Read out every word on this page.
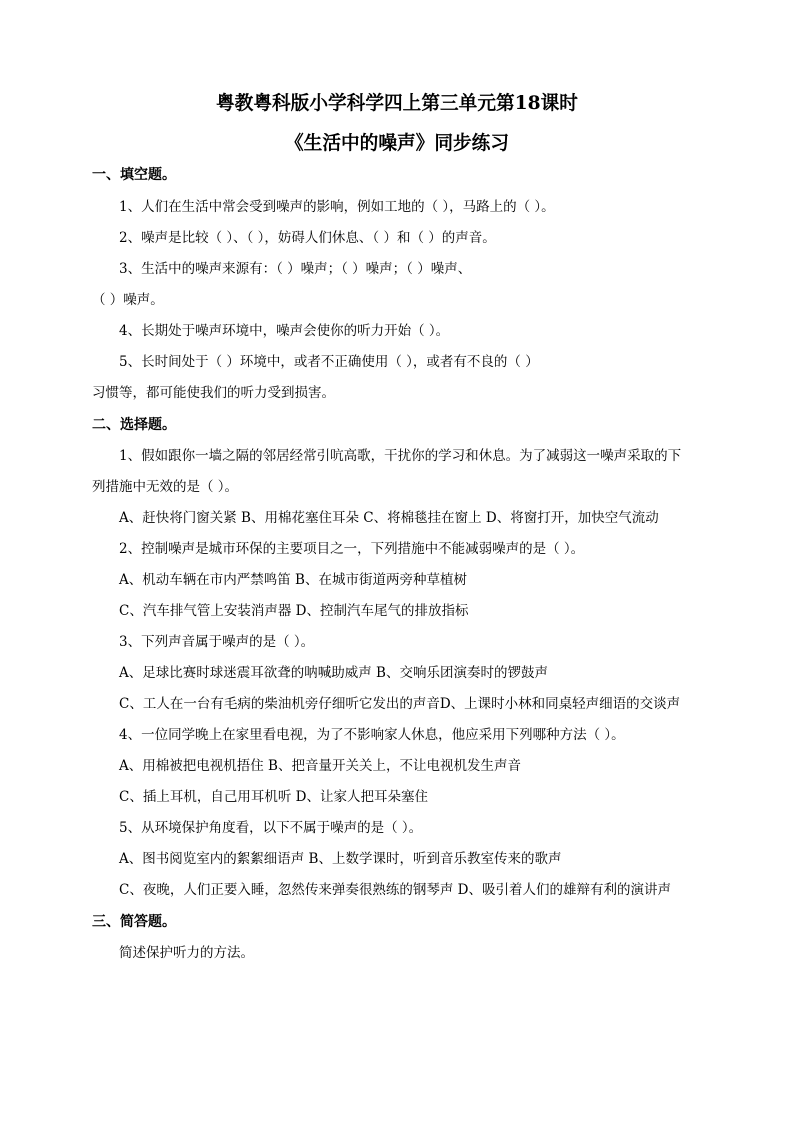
粤教粤科版小学科学四上第三单元第18课时
《生活中的噪声》同步练习
一、填空题。
1、人们在生活中常会受到噪声的影响，例如工地的（ ），马路上的（ ）。
2、噪声是比较（ ）、（ ），妨碍人们休息、（ ）和（ ）的声音。
3、生活中的噪声来源有：（ ）噪声；（ ）噪声；（ ）噪声、
（ ）噪声。
4、长期处于噪声环境中，噪声会使你的听力开始（ ）。
5、长时间处于（ ）环境中，或者不正确使用（ ），或者有不良的（ ）
习惯等，都可能使我们的听力受到损害。
二、选择题。
1、假如跟你一墙之隔的邻居经常引吭高歌，干扰你的学习和休息。为了减弱这一噪声采取的下
列措施中无效的是（ ）。
A、赶快将门窗关紧 B、用棉花塞住耳朵 C、将棉毯挂在窗上 D、将窗打开，加快空气流动
2、控制噪声是城市环保的主要项目之一，下列措施中不能减弱噪声的是（ ）。
A、机动车辆在市内严禁鸣笛 B、在城市街道两旁种草植树
C、汽车排气管上安装消声器 D、控制汽车尾气的排放指标
3、下列声音属于噪声的是（ ）。
A、足球比赛时球迷震耳欲聋的呐喊助威声 B、交响乐团演奏时的锣鼓声
C、工人在一台有毛病的柴油机旁仔细听它发出的声音D、上课时小林和同桌轻声细语的交谈声
4、一位同学晚上在家里看电视，为了不影响家人休息，他应采用下列哪种方法（ ）。
A、用棉被把电视机捂住 B、把音量开关关上，不让电视机发生声音
C、插上耳机，自己用耳机听 D、让家人把耳朵塞住
5、从环境保护角度看，以下不属于噪声的是（ ）。
A、图书阅览室内的絮絮细语声 B、上数学课时，听到音乐教室传来的歌声
C、夜晚，人们正要入睡，忽然传来弹奏很熟练的钢琴声 D、吸引着人们的雄辩有利的演讲声
三、简答题。
简述保护听力的方法。
